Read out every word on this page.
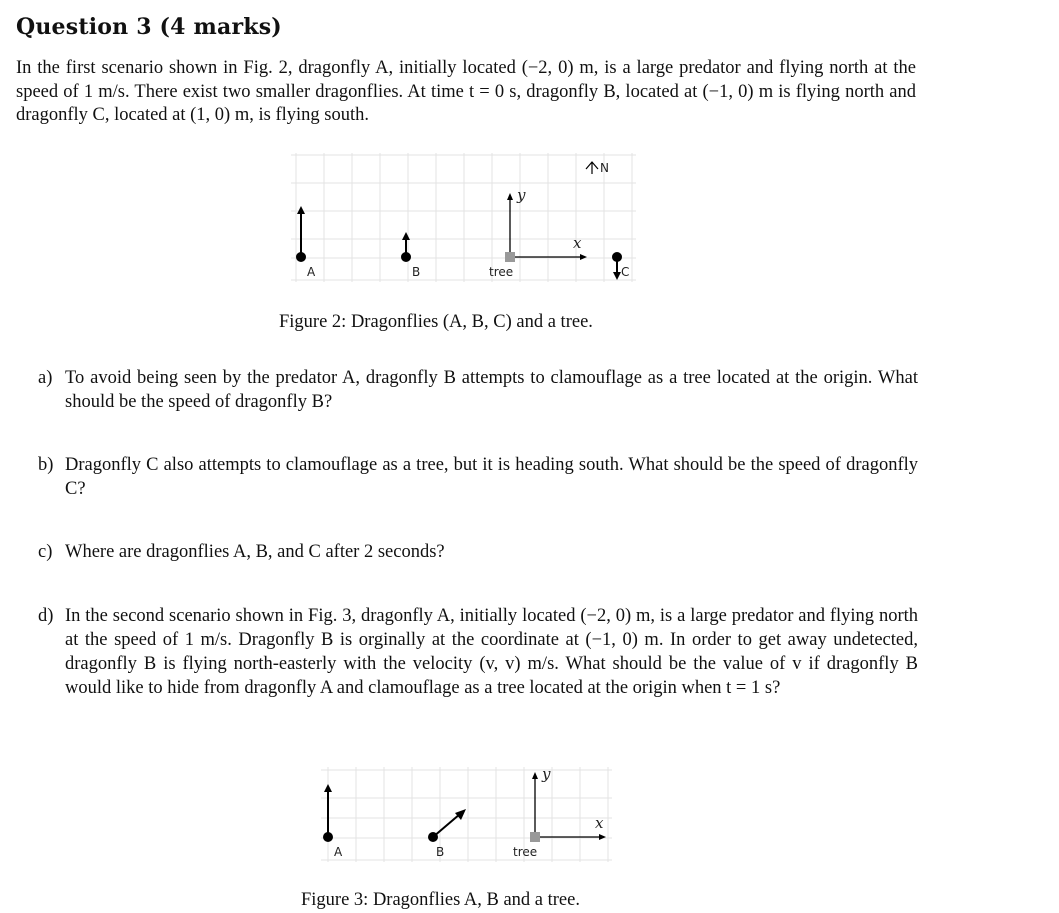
Question 3 (4 marks)

In the first scenario shown in Fig. 2, dragonfly A, initially located (−2, 0) m, is a large predator and flying north at the speed of 1 m/s. There exist two smaller dragonflies. At time t = 0 s, dragonfly B, located at (−1, 0) m is flying north and dragonfly C, located at (1, 0) m, is flying south.

A	B
y
x
tree	C
N

Figure 2: Dragonflies (A, B, C) and a tree.

a) To avoid being seen by the predator A, dragonfly B attempts to clamouflage as a tree located at the origin. What should be the speed of dragonfly B?
b) Dragonfly C also attempts to clamouflage as a tree, but it is heading south. What should be the speed of dragonfly C?
c) Where are dragonflies A, B, and C after 2 seconds?
d) In the second scenario shown in Fig. 3, dragonfly A, initially located (−2, 0) m, is a large predator and flying north at the speed of 1 m/s. Dragonfly B is orginally at the coordinate at (−1, 0) m. In order to get away undetected, dragonfly B is flying north-easterly with the velocity (v, v) m/s. What should be the value of v if dragonfly B would like to hide from dragonfly A and clamouflage as a tree located at the origin when t = 1 s?
A	B
y
x
tree

Figure 3: Dragonflies A, B and a tree.
